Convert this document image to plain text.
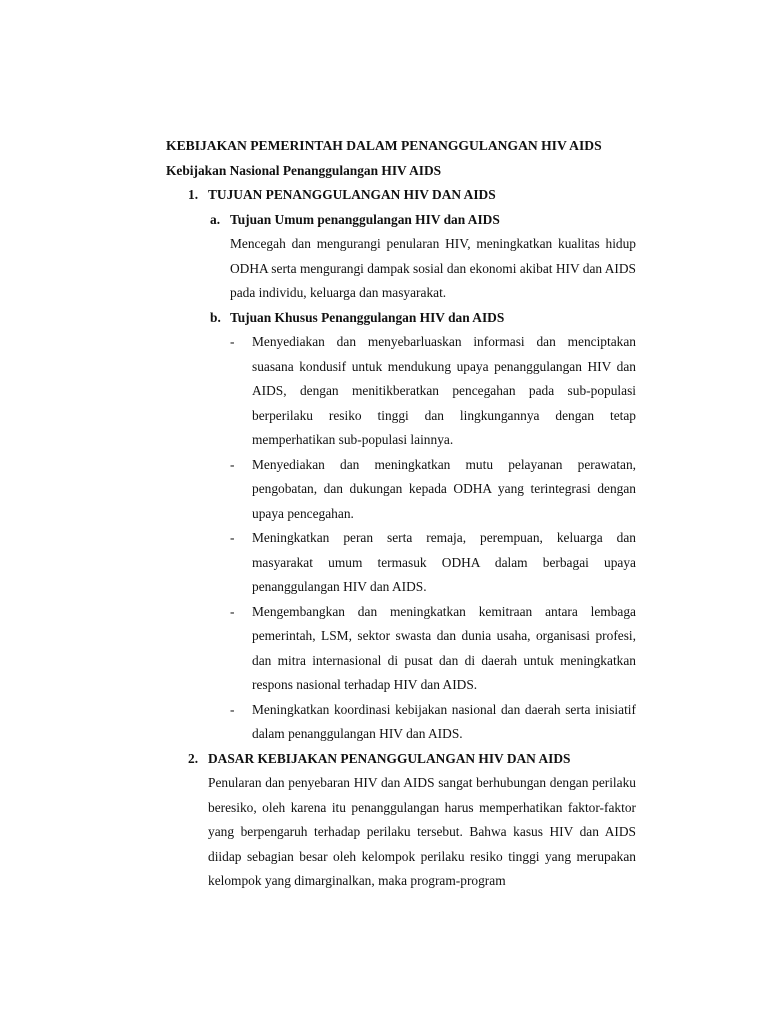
KEBIJAKAN PEMERINTAH DALAM PENANGGULANGAN HIV AIDS
Kebijakan Nasional Penanggulangan HIV AIDS
1. TUJUAN PENANGGULANGAN HIV DAN AIDS
a. Tujuan Umum penanggulangan HIV dan AIDS
Mencegah dan mengurangi penularan HIV, meningkatkan kualitas hidup ODHA serta mengurangi dampak sosial dan ekonomi akibat HIV dan AIDS pada individu, keluarga dan masyarakat.
b. Tujuan Khusus Penanggulangan HIV dan AIDS
- Menyediakan dan menyebarluaskan informasi dan menciptakan suasana kondusif untuk mendukung upaya penanggulangan HIV dan AIDS, dengan menitikberatkan pencegahan pada sub-populasi berperilaku resiko tinggi dan lingkungannya dengan tetap memperhatikan sub-populasi lainnya.
- Menyediakan dan meningkatkan mutu pelayanan perawatan, pengobatan, dan dukungan kepada ODHA yang terintegrasi dengan upaya pencegahan.
- Meningkatkan peran serta remaja, perempuan, keluarga dan masyarakat umum termasuk ODHA dalam berbagai upaya penanggulangan HIV dan AIDS.
- Mengembangkan dan meningkatkan kemitraan antara lembaga pemerintah, LSM, sektor swasta dan dunia usaha, organisasi profesi, dan mitra internasional di pusat dan di daerah untuk meningkatkan respons nasional terhadap HIV dan AIDS.
- Meningkatkan koordinasi kebijakan nasional dan daerah serta inisiatif dalam penanggulangan HIV dan AIDS.
2. DASAR KEBIJAKAN PENANGGULANGAN HIV DAN AIDS
Penularan dan penyebaran HIV dan AIDS sangat berhubungan dengan perilaku beresiko, oleh karena itu penanggulangan harus memperhatikan faktor-faktor yang berpengaruh terhadap perilaku tersebut. Bahwa kasus HIV dan AIDS diidap sebagian besar oleh kelompok perilaku resiko tinggi yang merupakan kelompok yang dimarginalkan, maka program-program
